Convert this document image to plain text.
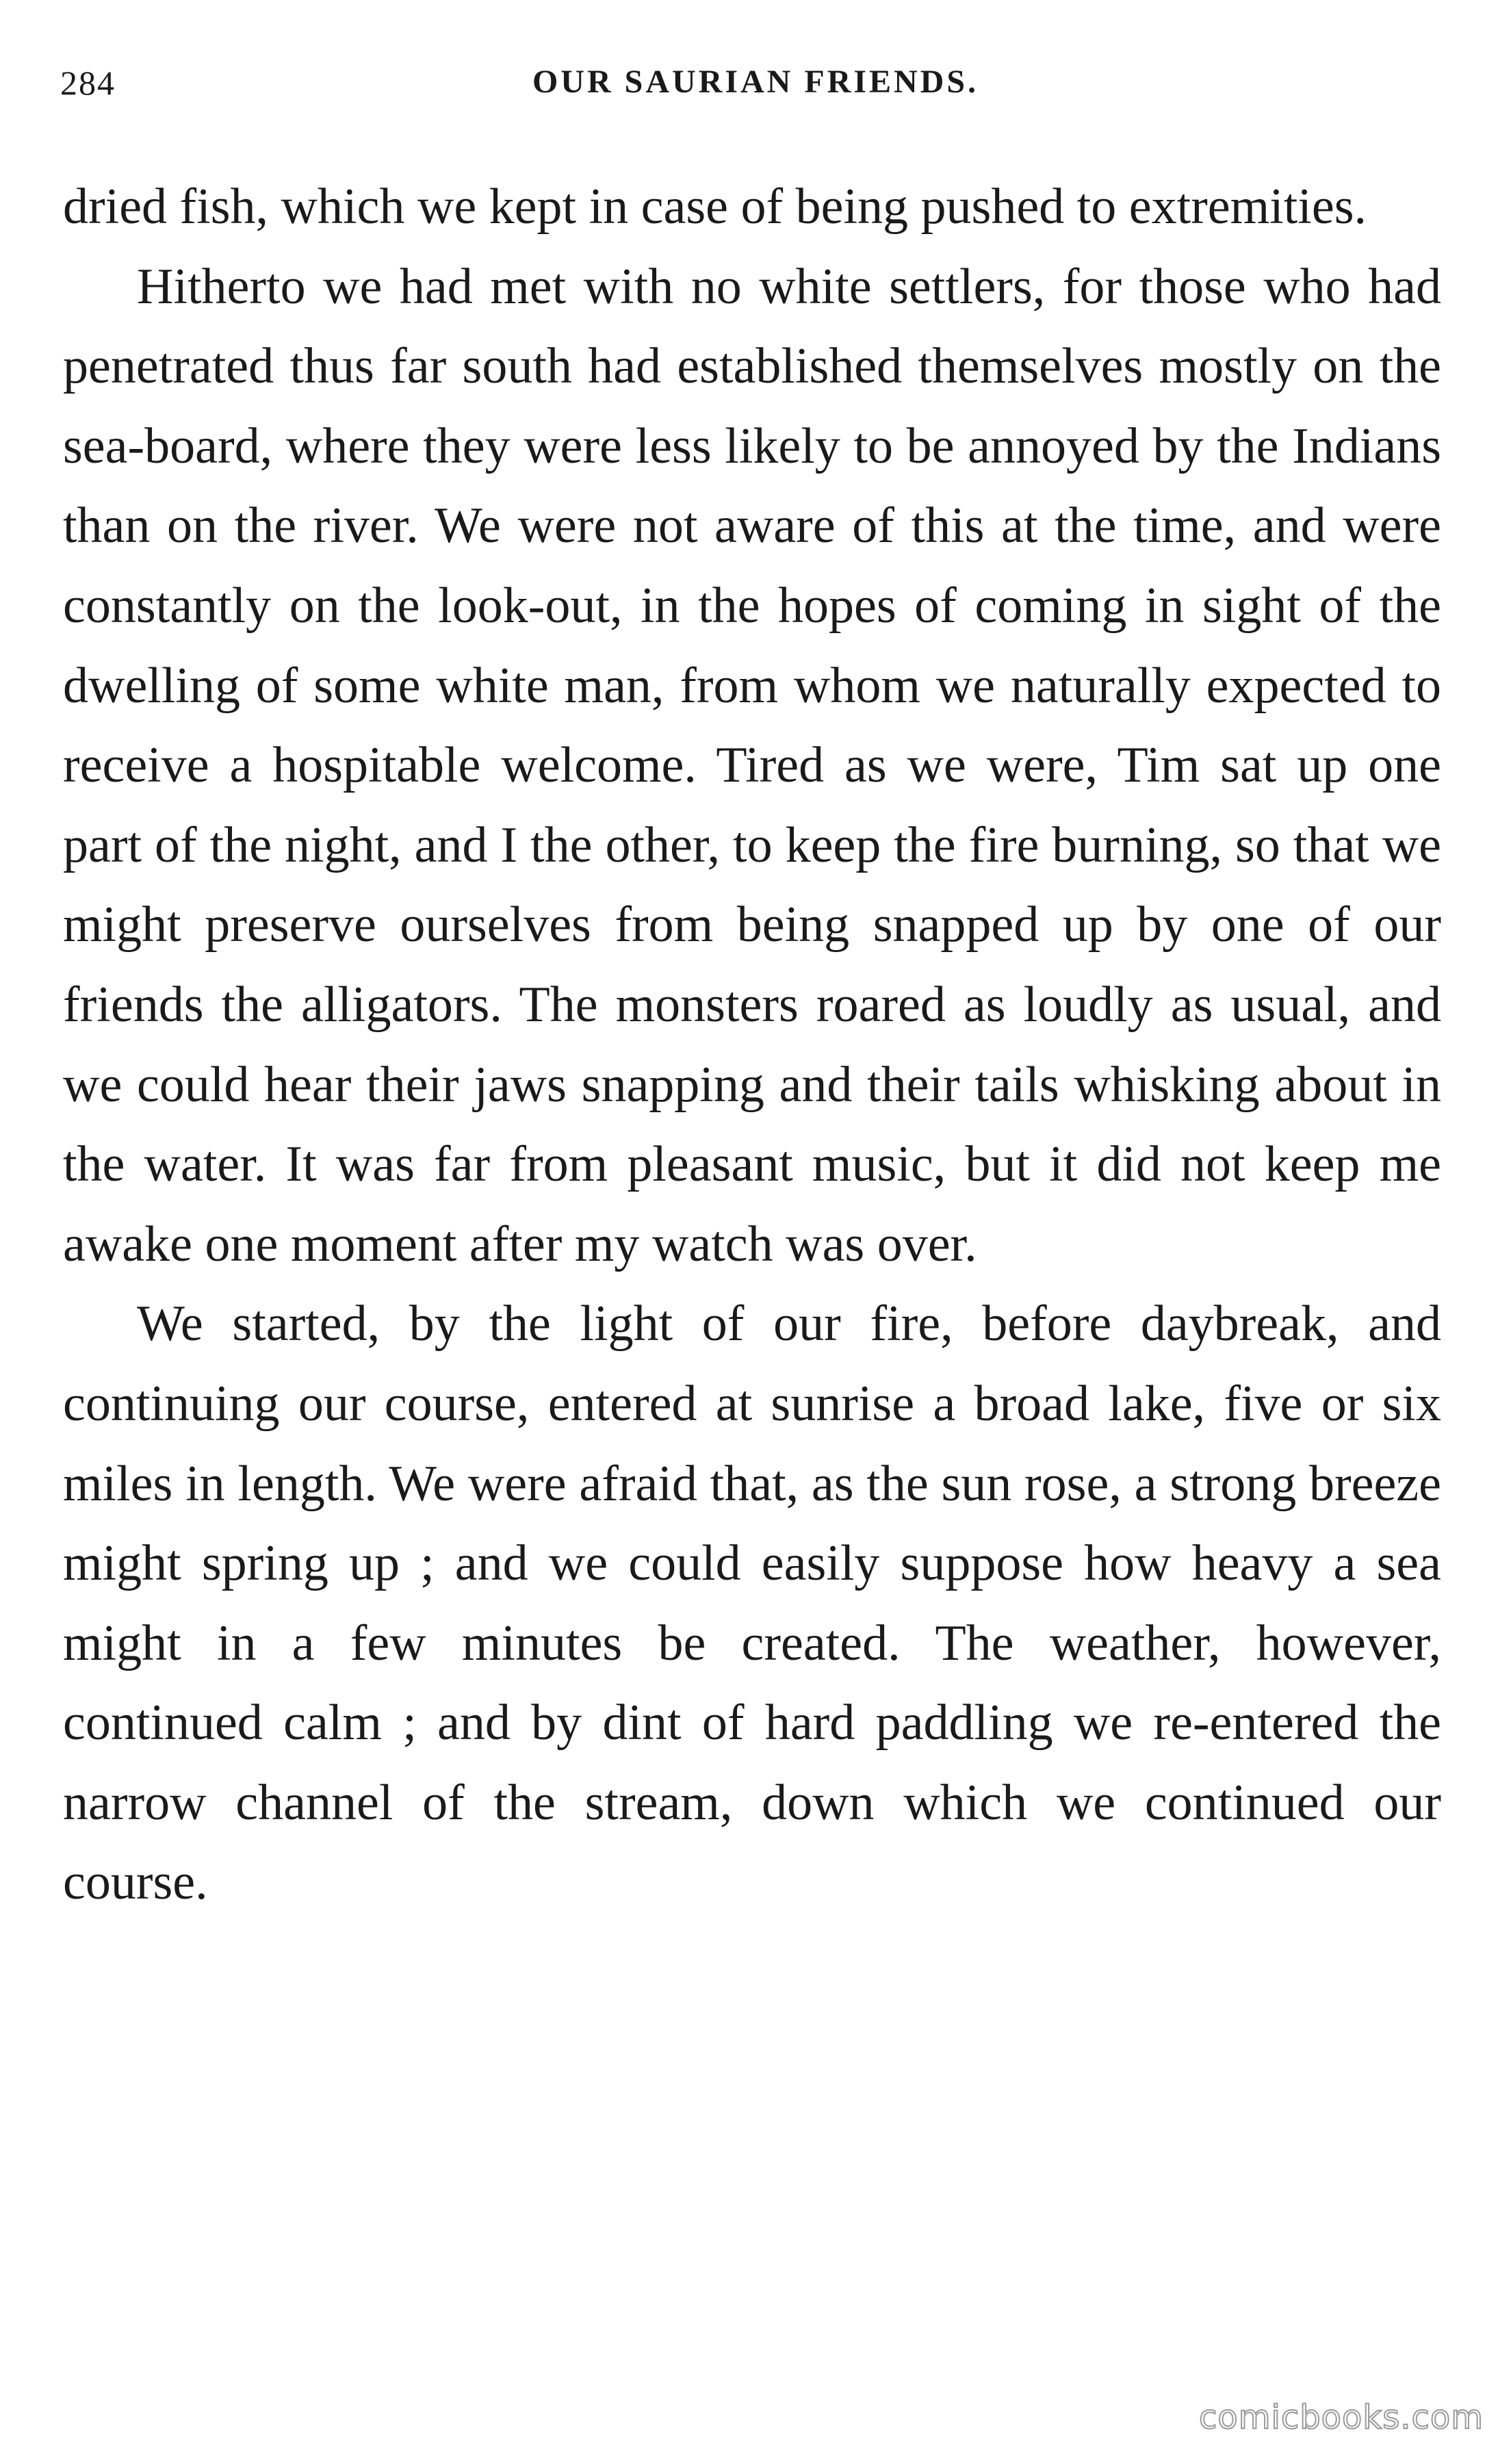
284	OUR SAURIAN FRIENDS.

dried fish, which we kept in case of being pushed to extremities.

Hitherto we had met with no white settlers, for those who had penetrated thus far south had established themselves mostly on the sea-board, where they were less likely to be annoyed by the Indians than on the river. We were not aware of this at the time, and were constantly on the look-out, in the hopes of coming in sight of the dwelling of some white man, from whom we naturally expected to receive a hospitable welcome. Tired as we were, Tim sat up one part of the night, and I the other, to keep the fire burning, so that we might preserve ourselves from being snapped up by one of our friends the alligators. The monsters roared as loudly as usual, and we could hear their jaws snapping and their tails whisking about in the water. It was far from pleasant music, but it did not keep me awake one moment after my watch was over.

We started, by the light of our fire, before daybreak, and continuing our course, entered at sunrise a broad lake, five or six miles in length. We were afraid that, as the sun rose, a strong breeze might spring up ; and we could easily suppose how heavy a sea might in a few minutes be created. The weather, however, continued calm ; and by dint of hard paddling we re-entered the narrow channel of the stream, down which we continued our course.

comicbooks.com
